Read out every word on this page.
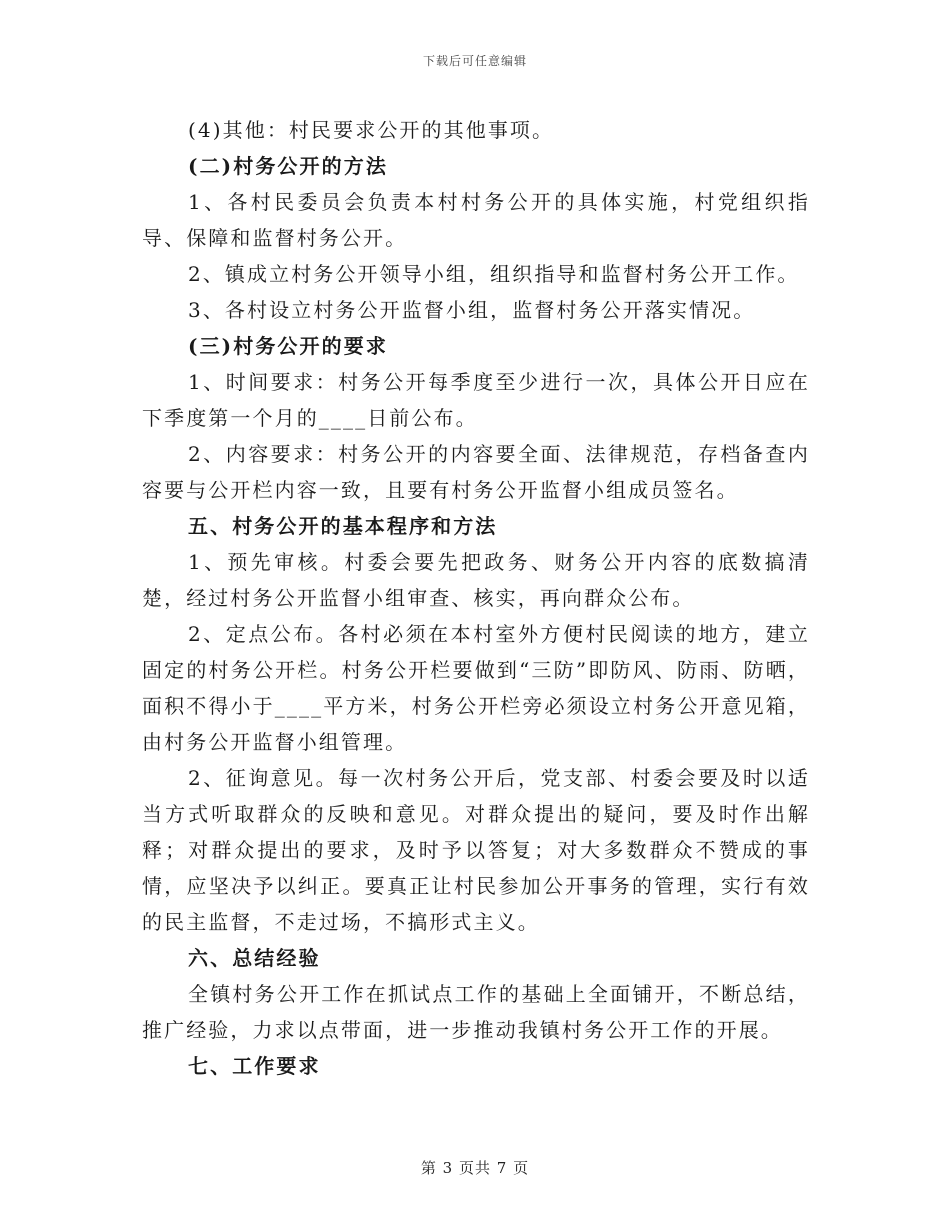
下载后可任意编辑

(4)其他：村民要求公开的其他事项。

(二)村务公开的方法

1、各村民委员会负责本村村务公开的具体实施，村党组织指导、保障和监督村务公开。

2、镇成立村务公开领导小组，组织指导和监督村务公开工作。

3、各村设立村务公开监督小组，监督村务公开落实情况。

(三)村务公开的要求

1、时间要求：村务公开每季度至少进行一次，具体公开日应在下季度第一个月的____日前公布。

2、内容要求：村务公开的内容要全面、法律规范，存档备查内容要与公开栏内容一致，且要有村务公开监督小组成员签名。

五、村务公开的基本程序和方法

1、预先审核。村委会要先把政务、财务公开内容的底数搞清楚，经过村务公开监督小组审查、核实，再向群众公布。

2、定点公布。各村必须在本村室外方便村民阅读的地方，建立固定的村务公开栏。村务公开栏要做到“三防”即防风、防雨、防晒，面积不得小于____平方米，村务公开栏旁必须设立村务公开意见箱，由村务公开监督小组管理。

2、征询意见。每一次村务公开后，党支部、村委会要及时以适当方式听取群众的反映和意见。对群众提出的疑问，要及时作出解释；对群众提出的要求，及时予以答复；对大多数群众不赞成的事情，应坚决予以纠正。要真正让村民参加公开事务的管理，实行有效的民主监督，不走过场，不搞形式主义。

六、总结经验

全镇村务公开工作在抓试点工作的基础上全面铺开，不断总结，推广经验，力求以点带面，进一步推动我镇村务公开工作的开展。

七、工作要求

第 3 页共 7 页
